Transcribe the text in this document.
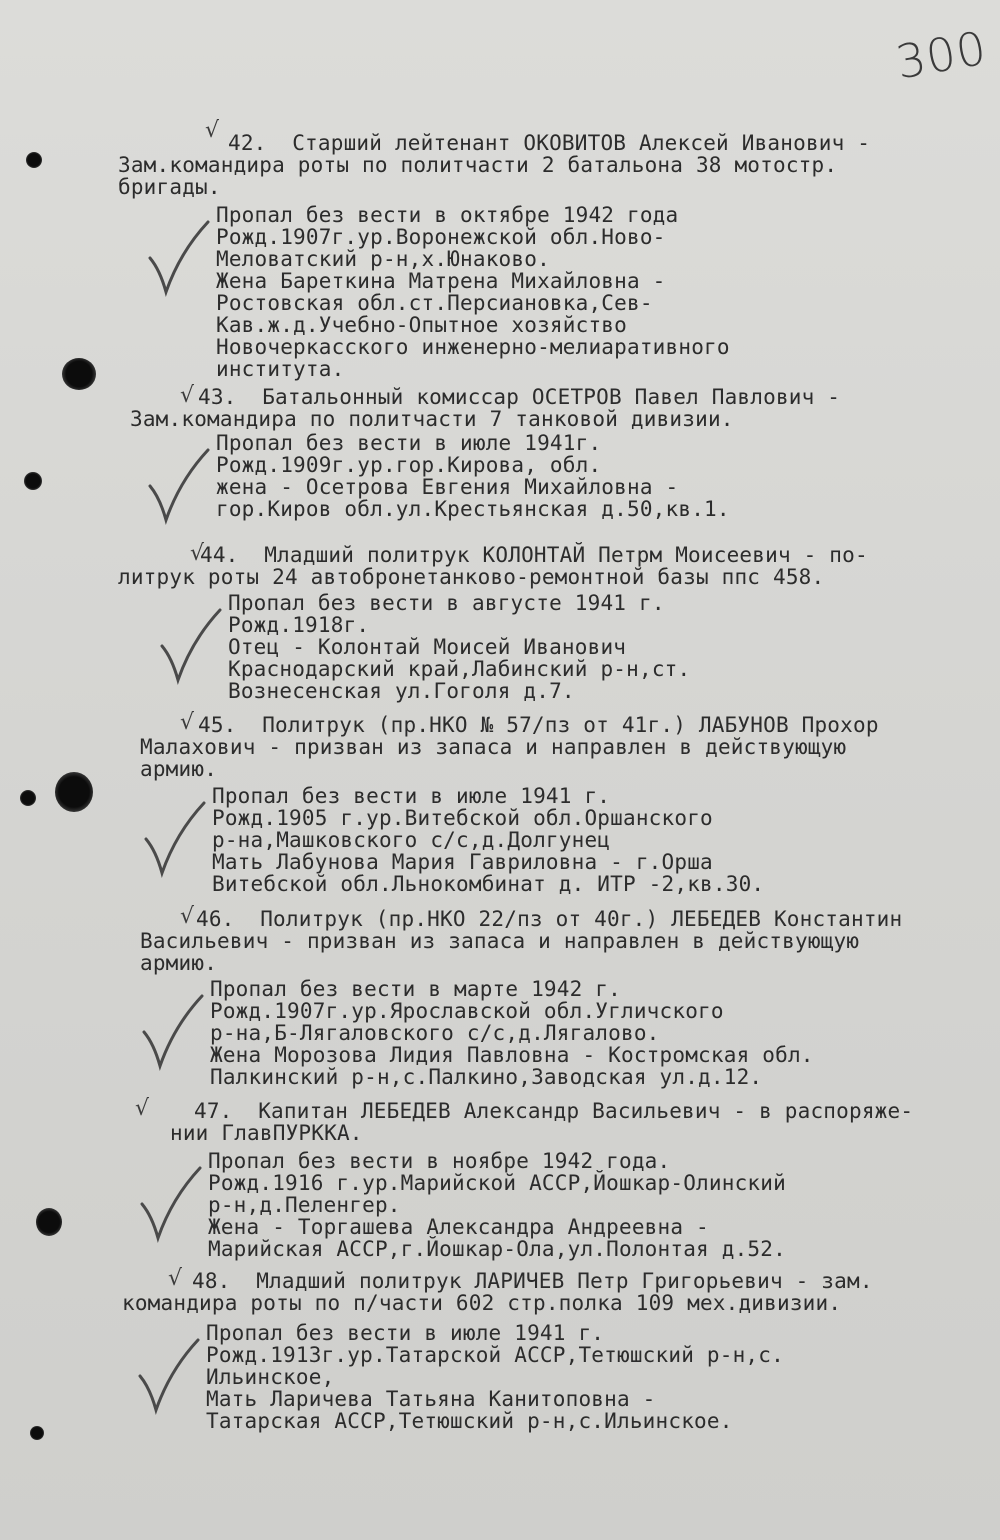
300
√ 42.  Старший лейтенант ОКОВИТОВ Алексей Иванович -
Зам.командира роты по политчасти 2 батальона 38 мотостр.
бригады.
Пропал без вести в октябре 1942 года
Рожд.1907г.ур.Воронежской обл.Ново-
Меловатский р-н,х.Юнаково.
Жена Бареткина Матрена Михайловна -
Ростовская обл.ст.Персиановка,Сев-
Кав.ж.д.Учебно-Опытное хозяйство
Новочеркасского инженерно-мелиаративного
института.
√ 43.  Батальонный комиссар ОСЕТРОВ Павел Павлович -
Зам.командира по политчасти 7 танковой дивизии.
Пропал без вести в июле 1941г.
Рожд.1909г.ур.гор.Кирова, обл.
жена - Осетрова Евгения Михайловна -
гор.Киров обл.ул.Крестьянская д.50,кв.1.
√
44.  Младший политрук КОЛОНТАЙ Петрм Моисеевич - по-
литрук роты 24 автобронетанково-ремонтной базы ппс 458.
Пропал без вести в августе 1941 г.
Рожд.1918г.
Отец - Колонтай Моисей Иванович
Краснодарский край,Лабинский р-н,ст.
Вознесенская ул.Гоголя д.7.
√ 45.  Политрук (пр.НКО № 57/пз от 41г.) ЛАБУНОВ Прохор
Малахович - призван из запаса и направлен в действующую
армию.
Пропал без вести в июле 1941 г.
Рожд.1905 г.ур.Витебской обл.Оршанского
р-на,Машковского с/с,д.Долгунец
Мать Лабунова Мария Гавриловна - г.Орша
Витебской обл.Льнокомбинат д. ИТР -2,кв.30.
√ 46.  Политрук (пр.НКО 22/пз от 40г.) ЛЕБЕДЕВ Константин
Васильевич - призван из запаса и направлен в действующую
армию.
Пропал без вести в марте 1942 г.
Рожд.1907г.ур.Ярославской обл.Угличского
р-на,Б-Лягаловского с/с,д.Лягалово.
Жена Морозова Лидия Павловна - Костромская обл.
Палкинский р-н,с.Палкино,Заводская ул.д.12.
√ 47.  Капитан ЛЕБЕДЕВ Александр Васильевич - в распоряже-
нии ГлавПУРККА.
Пропал без вести в ноябре 1942 года.
Рожд.1916 г.ур.Марийской АССР,Йошкар-Олинский
р-н,д.Пеленгер.
Жена - Торгашева Александра Андреевна -
Марийская АССР,г.Йошкар-Ола,ул.Полонтая д.52.
√ 48.  Младший политрук ЛАРИЧЕВ Петр Григорьевич - зам.
командира роты по п/части 602 стр.полка 109 мех.дивизии.
Пропал без вести в июле 1941 г.
Рожд.1913г.ур.Татарской АССР,Тетюшский р-н,с.
Ильинское,
Мать Ларичева Татьяна Канитоповна -
Татарская АССР,Тетюшский р-н,с.Ильинское.
